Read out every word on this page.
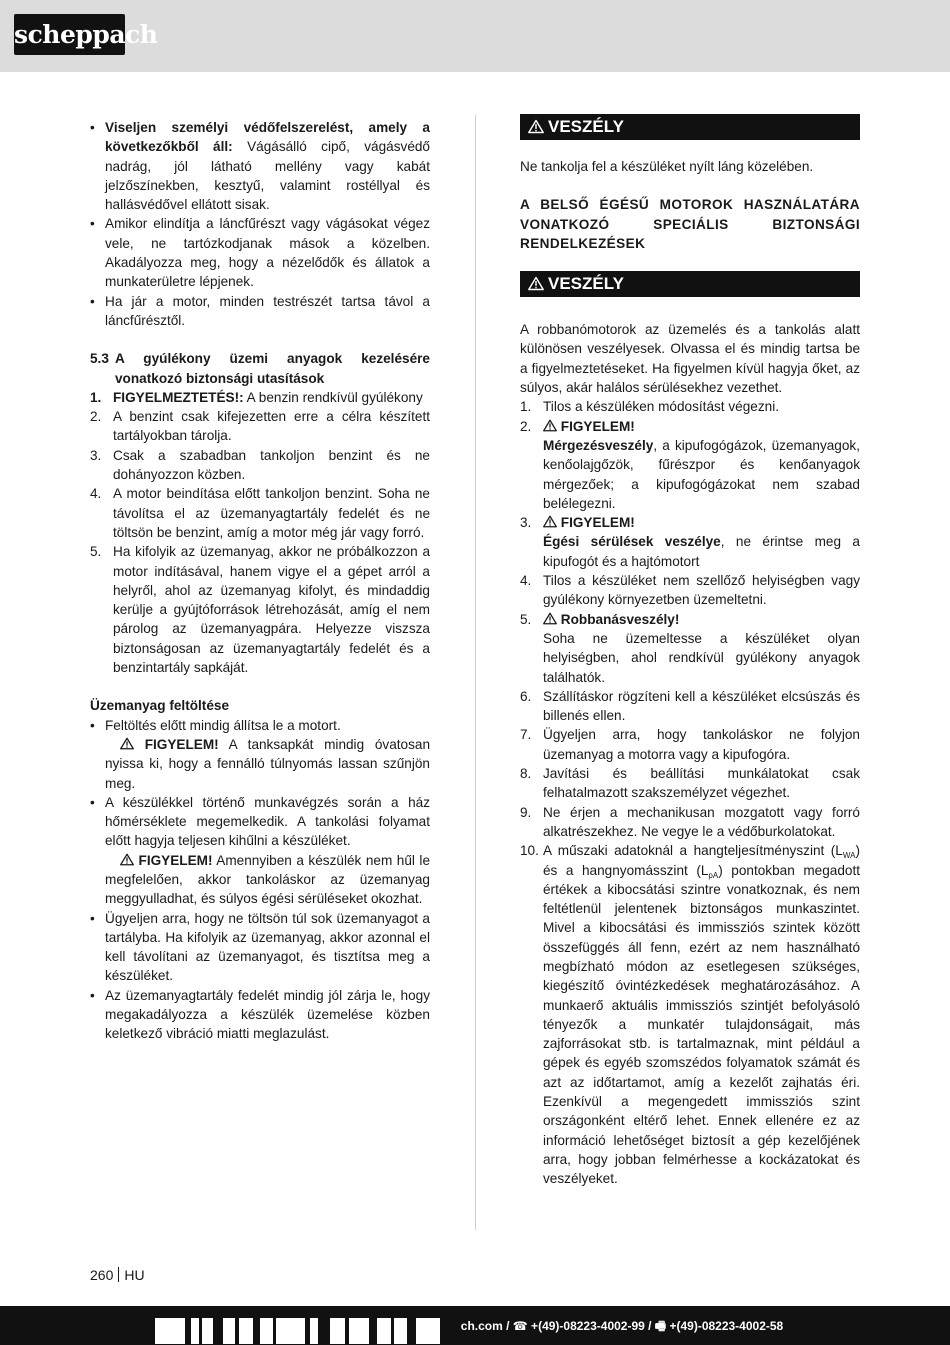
scheppach
• Viseljen személyi védőfelszerelést, amely a következőkből áll: Vágásálló cipő, vágásvédő nadrág, jól látható mellény vagy kabát jelzőszínekben, kesztyű, valamint rostéllyal és hallásvédővel ellátott sisak.
• Amikor elindítja a láncfűrészt vagy vágásokat végez vele, ne tartózkodjanak mások a közelben. Akadályozza meg, hogy a nézelődők és állatok a munkaterületre lépjenek.
• Ha jár a motor, minden testrészét tartsa távol a láncfűrésztől.
5.3 A gyúlékony üzemi anyagok kezelésére vonatkozó biztonsági utasítások
1. FIGYELMEZTETÉS!: A benzin rendkívül gyúlékony
2. A benzint csak kifejezetten erre a célra készített tartályokban tárolja.
3. Csak a szabadban tankoljon benzint és ne dohányozzon közben.
4. A motor beindítása előtt tankoljon benzint. Soha ne távolítsa el az üzemanyagtartály fedelét és ne töltsön be benzint, amíg a motor még jár vagy forró.
5. Ha kifolyik az üzemanyag, akkor ne próbálkozzon a motor indításával, hanem vigye el a gépet arról a helyről, ahol az üzemanyag kifolyt, és mindaddig kerülje a gyújtóforrások létrehozását, amíg el nem párolog az üzemanyagpára. Helyezze viszsza biztonságosan az üzemanyagtartály fedelét és a benzintartály sapkáját.

Üzemanyag feltöltése

• Feltöltés előtt mindig állítsa le a motort.
FIGYELEM! A tanksapkát mindig óvatosan nyissa ki, hogy a fennálló túlnyomás lassan szűnjön meg.
• A készülékkel történő munkavégzés során a ház hőmérséklete megemelkedik. A tankolási folyamat előtt hagyja teljesen kihűlni a készüléket.
FIGYELEM! Amennyiben a készülék nem hűl le megfelelően, akkor tankoláskor az üzemanyag meggyulladhat, és súlyos égési sérüléseket okozhat.
• Ügyeljen arra, hogy ne töltsön túl sok üzemanyagot a tartályba. Ha kifolyik az üzemanyag, akkor azonnal el kell távolítani az üzemanyagot, és tisztítsa meg a készüléket.
• Az üzemanyagtartály fedelét mindig jól zárja le, hogy megakadályozza a készülék üzemelése közben keletkező vibráció miatti meglazulást.
VESZÉLY

Ne tankolja fel a készüléket nyílt láng közelében.

A BELSŐ ÉGÉSŰ MOTOROK HASZNÁLATÁRA VONATKOZÓ SPECIÁLIS BIZTONSÁGI RENDELKEZÉSEK

VESZÉLY

A robbanómotorok az üzemelés és a tankolás alatt különösen veszélyesek. Olvassa el és mindig tartsa be a figyelmeztetéseket. Ha figyelmen kívül hagyja őket, az súlyos, akár halálos sérülésekhez vezethet.

1. Tilos a készüléken módosítást végezni.
2. FIGYELEM!
Mérgezésveszély, a kipufogógázok, üzemanyagok, kenőolajgőzök, fűrészpor és kenőanyagok mérgezőek; a kipufogógázokat nem szabad belélegezni.
3. FIGYELEM!
Égési sérülések veszélye, ne érintse meg a kipufogót és a hajtómotort
4. Tilos a készüléket nem szellőző helyiségben vagy gyúlékony környezetben üzemeltetni.
5. Robbanásveszély!
Soha ne üzemeltesse a készüléket olyan helyiségben, ahol rendkívül gyúlékony anyagok találhatók.
6. Szállításkor rögzíteni kell a készüléket elcsúszás és billenés ellen.
7. Ügyeljen arra, hogy tankoláskor ne folyjon üzemanyag a motorra vagy a kipufogóra.
8. Javítási és beállítási munkálatokat csak felhatalmazott szakszemélyzet végezhet.
9. Ne érjen a mechanikusan mozgatott vagy forró alkatrészekhez. Ne vegye le a védőburkolatokat.
10. A műszaki adatoknál a hangteljesítményszint $(L_{WA})$ és a hangnyomásszint $(L_{pA})$ pontokban megadott értékek a kibocsátási szintre vonatkoznak, és nem feltétlenül jelentenek biztonságos munkaszintet. Mivel a kibocsátási és immissziós szintek között összefüggés áll fenn, ezért az nem használható megbízható módon az esetlegesen szükséges, kiegészítő óvintézkedések meghatározásához. A munkaerő aktuális immissziós szintjét befolyásoló tényezők a munkatér tulajdonságait, más zajforrásokat stb. is tartalmaznak, mint például a gépek és egyéb szomszédos folyamatok számát és azt az időtartamot, amíg a kezelőt zajhatás éri. Ezenkívül a megengedett immissziós szint országonként eltérő lehet. Ennek ellenére ez az információ lehetőséget biztosít a gép kezelőjének arra, hogy jobban felmérhesse a kockázatokat és veszélyeket.
260 HU
ch.com / ☎ +(49)-08223-4002-99 / 🖷 +(49)-08223-4002-58
